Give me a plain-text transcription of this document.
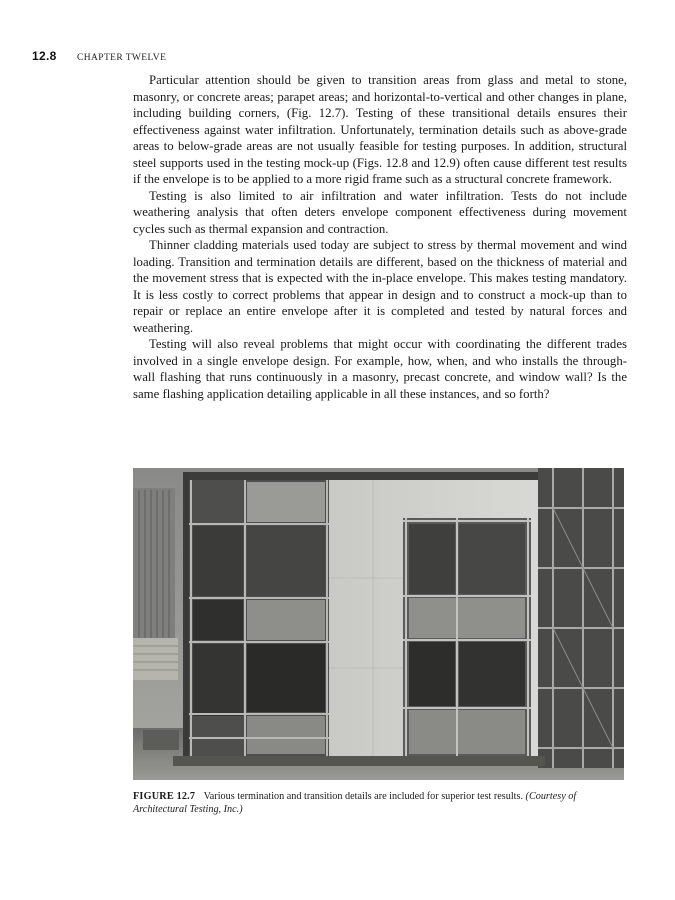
12.8 CHAPTER TWELVE

Particular attention should be given to transition areas from glass and metal to stone, masonry, or concrete areas; parapet areas; and horizontal-to-vertical and other changes in plane, including building corners, (Fig. 12.7). Testing of these transitional details ensures their effectiveness against water infiltration. Unfortunately, termination details such as above-grade areas to below-grade areas are not usually feasible for testing purposes. In addition, structural steel supports used in the testing mock-up (Figs. 12.8 and 12.9) often cause different test results if the envelope is to be applied to a more rigid frame such as a structural concrete framework.

Testing is also limited to air infiltration and water infiltration. Tests do not include weathering analysis that often deters envelope component effectiveness during movement cycles such as thermal expansion and contraction.

Thinner cladding materials used today are subject to stress by thermal movement and wind loading. Transition and termination details are different, based on the thickness of material and the movement stress that is expected with the in-place envelope. This makes testing mandatory. It is less costly to correct problems that appear in design and to construct a mock-up than to repair or replace an entire envelope after it is completed and tested by natural forces and weathering.

Testing will also reveal problems that might occur with coordinating the different trades involved in a single envelope design. For example, how, when, and who installs the through-wall flashing that runs continuously in a masonry, precast concrete, and window wall? Is the same flashing application detailing applicable in all these instances, and so forth?

FIGURE 12.7 Various termination and transition details are included for superior test results. (Courtesy of Architectural Testing, Inc.)
